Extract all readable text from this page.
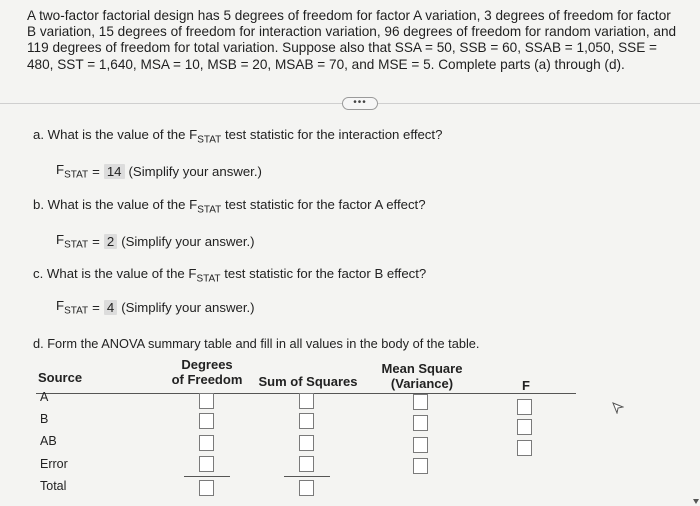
A two-factor factorial design has 5 degrees of freedom for factor A variation, 3 degrees of freedom for factor B variation, 15 degrees of freedom for interaction variation, 96 degrees of freedom for random variation, and 119 degrees of freedom for total variation. Suppose also that SSA = 50, SSB = 60, SSAB = 1,050, SSE = 480, SST = 1,640, MSA = 10, MSB = 20, MSAB = 70, and MSE = 5. Complete parts (a) through (d).
•••
a. What is the value of the $F_{STAT}$ test statistic for the interaction effect?
$F_{STAT} = 14$ (Simplify your answer.)
b. What is the value of the $F_{STAT}$ test statistic for the factor A effect?
$F_{STAT} = 2$ (Simplify your answer.)
c. What is the value of the $F_{STAT}$ test statistic for the factor B effect?
$F_{STAT} = 4$ (Simplify your answer.)
d. Form the ANOVA summary table and fill in all values in the body of the table.
Source
Degrees
of Freedom Sum of Squares
Mean Square
(Variance)	F
A
B
AB
Error
Total
